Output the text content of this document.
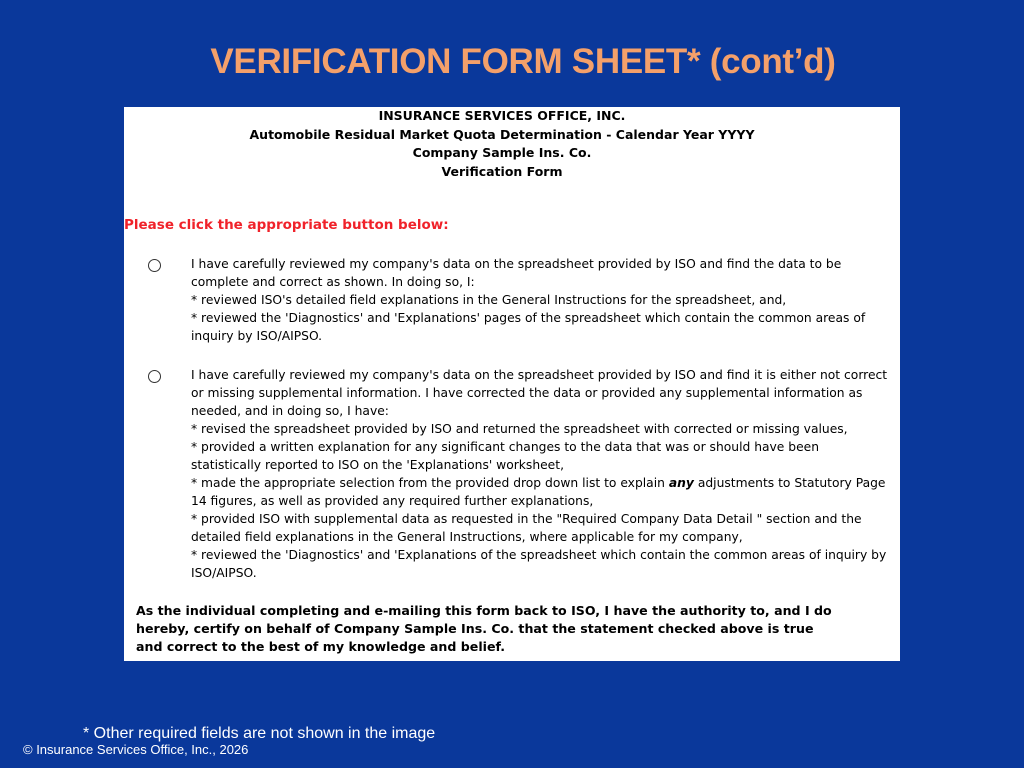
VERIFICATION FORM SHEET* (cont’d)
INSURANCE SERVICES OFFICE, INC.
Automobile Residual Market Quota Determination - Calendar Year YYYY
Company Sample Ins. Co.
Verification Form
Please click the appropriate button below:

I have carefully reviewed my company's data on the spreadsheet provided by ISO and find the data to be complete and correct as shown. In doing so, I:

* reviewed ISO's detailed field explanations in the General Instructions for the spreadsheet, and,

* reviewed the 'Diagnostics' and 'Explanations' pages of the spreadsheet which contain the common areas of inquiry by ISO/AIPSO.

I have carefully reviewed my company's data on the spreadsheet provided by ISO and find it is either not correct or missing supplemental information. I have corrected the data or provided any supplemental information as needed, and in doing so, I have:

* revised the spreadsheet provided by ISO and returned the spreadsheet with corrected or missing values,

* provided a written explanation for any significant changes to the data that was or should have been statistically reported to ISO on the 'Explanations' worksheet,

* made the appropriate selection from the provided drop down list to explain any adjustments to Statutory Page 14 figures, as well as provided any required further explanations,

* provided ISO with supplemental data as requested in the "Required Company Data Detail " section and the detailed field explanations in the General Instructions, where applicable for my company,

* reviewed the 'Diagnostics' and 'Explanations of the spreadsheet which contain the common areas of inquiry by ISO/AIPSO.

As the individual completing and e-mailing this form back to ISO, I have the authority to, and I do hereby, certify on behalf of Company Sample Ins. Co. that the statement checked above is true and correct to the best of my knowledge and belief.
* Other required fields are not shown in the image
© Insurance Services Office, Inc., 2026
